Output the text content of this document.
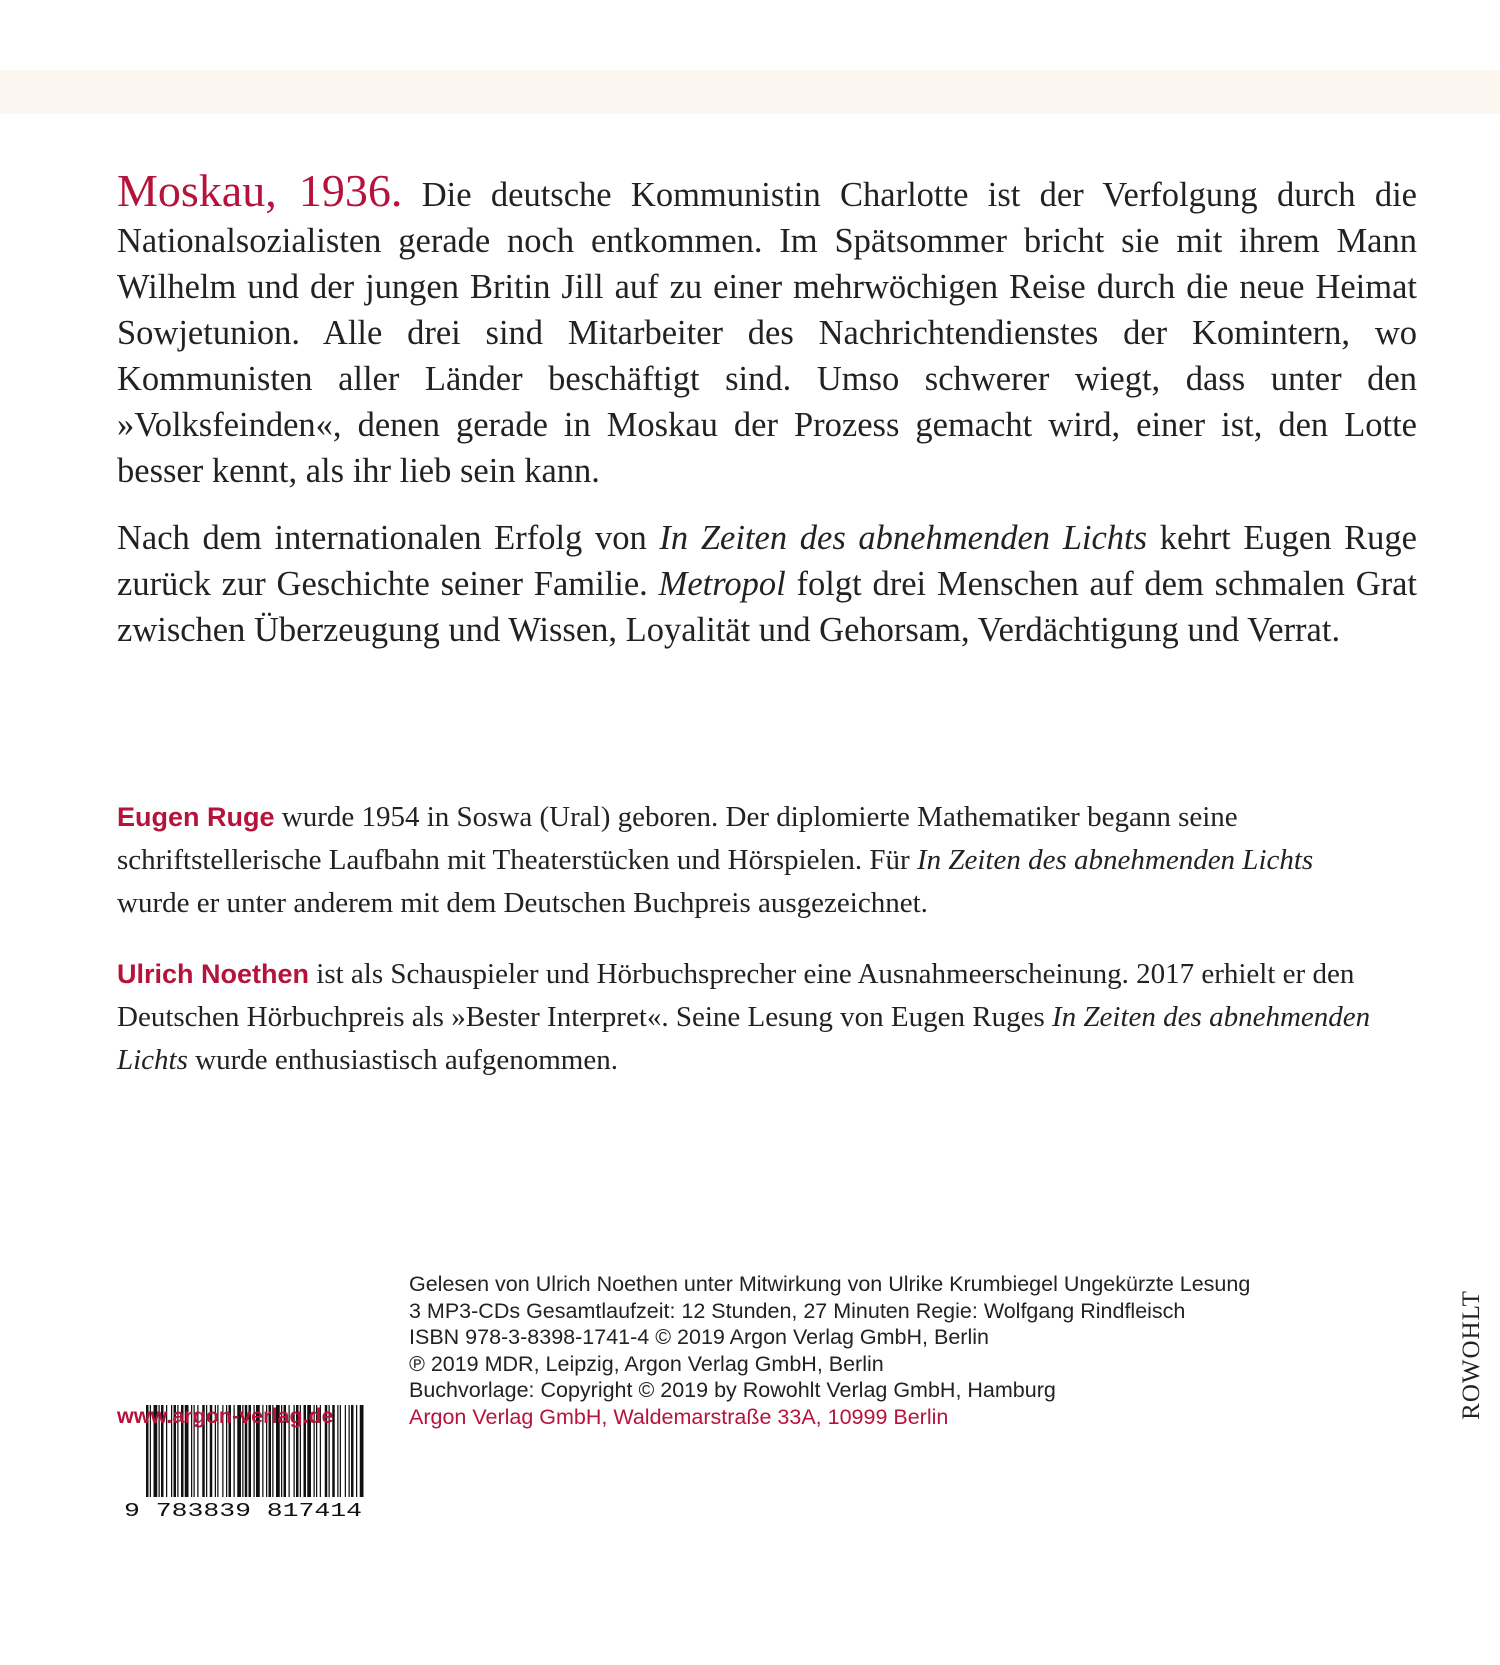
Moskau, 1936. Die deutsche Kommunistin Charlotte ist der Verfolgung durch die Nationalsozialisten gerade noch entkommen. Im Spätsommer bricht sie mit ihrem Mann Wilhelm und der jungen Britin Jill auf zu einer mehrwöchigen Reise durch die neue Heimat Sowjetunion. Alle drei sind Mitarbeiter des Nachrichtendienstes der Komintern, wo Kommunisten aller Länder beschäftigt sind. Umso schwerer wiegt, dass unter den »Volksfeinden«, denen gerade in Moskau der Prozess gemacht wird, einer ist, den Lotte besser kennt, als ihr lieb sein kann.

Nach dem internationalen Erfolg von In Zeiten des abnehmenden Lichts kehrt Eugen Ruge zurück zur Geschichte seiner Familie. Metropol folgt drei Menschen auf dem schmalen Grat zwischen Überzeugung und Wissen, Loyalität und Gehorsam, Verdächtigung und Verrat.

Eugen Ruge wurde 1954 in Soswa (Ural) geboren. Der diplomierte Mathematiker begann seine schriftstellerische Laufbahn mit Theaterstücken und Hörspielen. Für In Zeiten des abnehmenden Lichts wurde er unter anderem mit dem Deutschen Buchpreis ausgezeichnet.

Ulrich Noethen ist als Schauspieler und Hörbuchsprecher eine Ausnahmeerscheinung. 2017 erhielt er den Deutschen Hörbuchpreis als »Bester Interpret«. Seine Lesung von Eugen Ruges In Zeiten des abnehmenden Lichts wurde enthusiastisch aufgenommen.

9 783839 817414
www.argon-verlag.de
Gelesen von Ulrich Noethen unter Mitwirkung von Ulrike Krumbiegel Ungekürzte Lesung
3 MP3-CDs Gesamtlaufzeit: 12 Stunden, 27 Minuten Regie: Wolfgang Rindfleisch
ISBN 978-3-8398-1741-4 © 2019 Argon Verlag GmbH, Berlin
℗ 2019 MDR, Leipzig, Argon Verlag GmbH, Berlin
Buchvorlage: Copyright © 2019 by Rowohlt Verlag GmbH, Hamburg
Argon Verlag GmbH, Waldemarstraße 33A, 10999 Berlin	ROWOHLT
